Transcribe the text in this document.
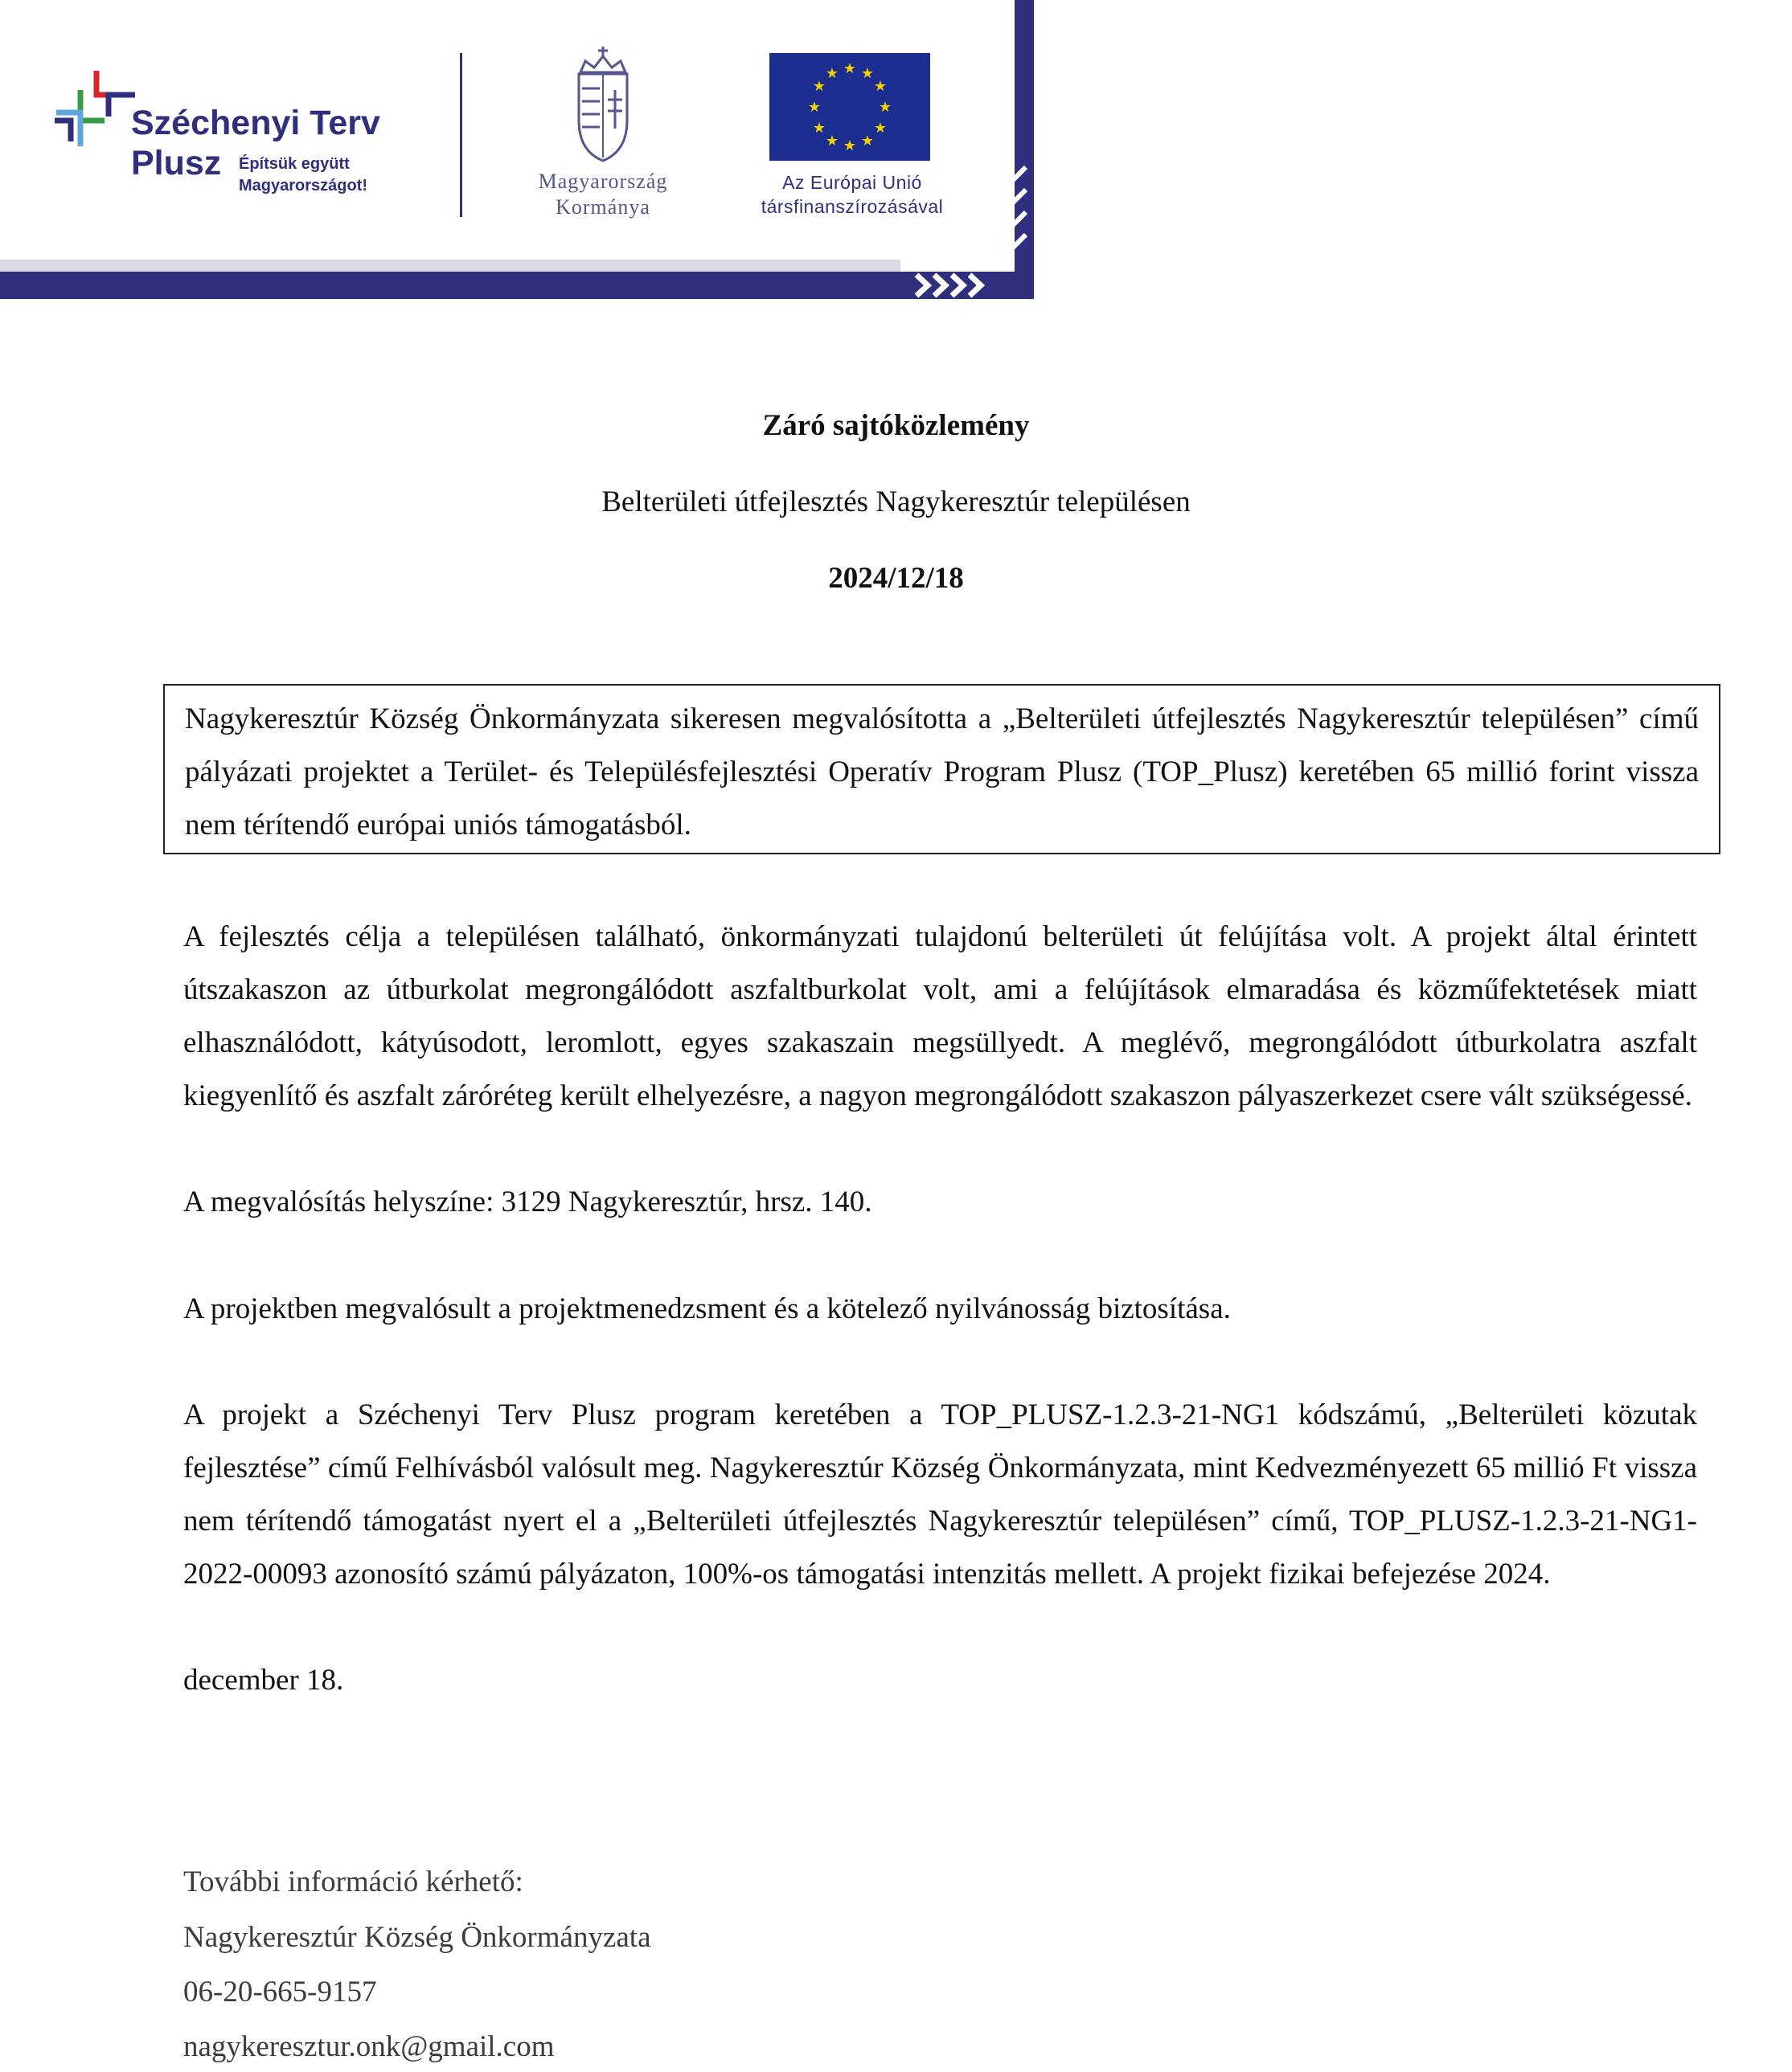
★ ★
★
★
★
★
★
★
★
★
★
★

Széchenyi Terv

Plusz Építsük együtt Magyarországot!	Magyarország
Kormánya
Az Európai Unió
társfinanszírozásával

Záró sajtóközlemény

Belterületi útfejlesztés Nagykeresztúr településen

2024/12/18

Nagykeresztúr Község Önkormányzata sikeresen megvalósította a „Belterületi útfejlesztés Nagykeresztúr településen” című pályázati projektet a Terület- és Településfejlesztési Operatív Program Plusz (TOP_Plusz) keretében 65 millió forint vissza nem térítendő európai uniós támogatásból.

A fejlesztés célja a településen található, önkormányzati tulajdonú belterületi út felújítása volt. A projekt által érintett útszakaszon az útburkolat megrongálódott aszfaltburkolat volt, ami a felújítások elmaradása és közműfektetések miatt elhasználódott, kátyúsodott, leromlott, egyes szakaszain megsüllyedt. A meglévő, megrongálódott útburkolatra aszfalt kiegyenlítő és aszfalt záróréteg került elhelyezésre, a nagyon megrongálódott szakaszon pályaszerkezet csere vált szükségessé.

A megvalósítás helyszíne: 3129 Nagykeresztúr, hrsz. 140.

A projektben megvalósult a projektmenedzsment és a kötelező nyilvánosság biztosítása.

A projekt a Széchenyi Terv Plusz program keretében a TOP_PLUSZ-1.2.3-21-NG1 kódszámú, „Belterületi közutak fejlesztése” című Felhívásból valósult meg. Nagykeresztúr Község Önkormányzata, mint Kedvezményezett 65 millió Ft vissza nem térítendő támogatást nyert el a „Belterületi útfejlesztés Nagykeresztúr településen” című, TOP_PLUSZ-1.2.3-21-NG1-2022-00093 azonosító számú pályázaton, 100%-os támogatási intenzitás mellett. A projekt fizikai befejezése 2024.

december 18.

További információ kérhető:

Nagykeresztúr Község Önkormányzata

06-20-665-9157

nagykeresztur.onk@gmail.com
